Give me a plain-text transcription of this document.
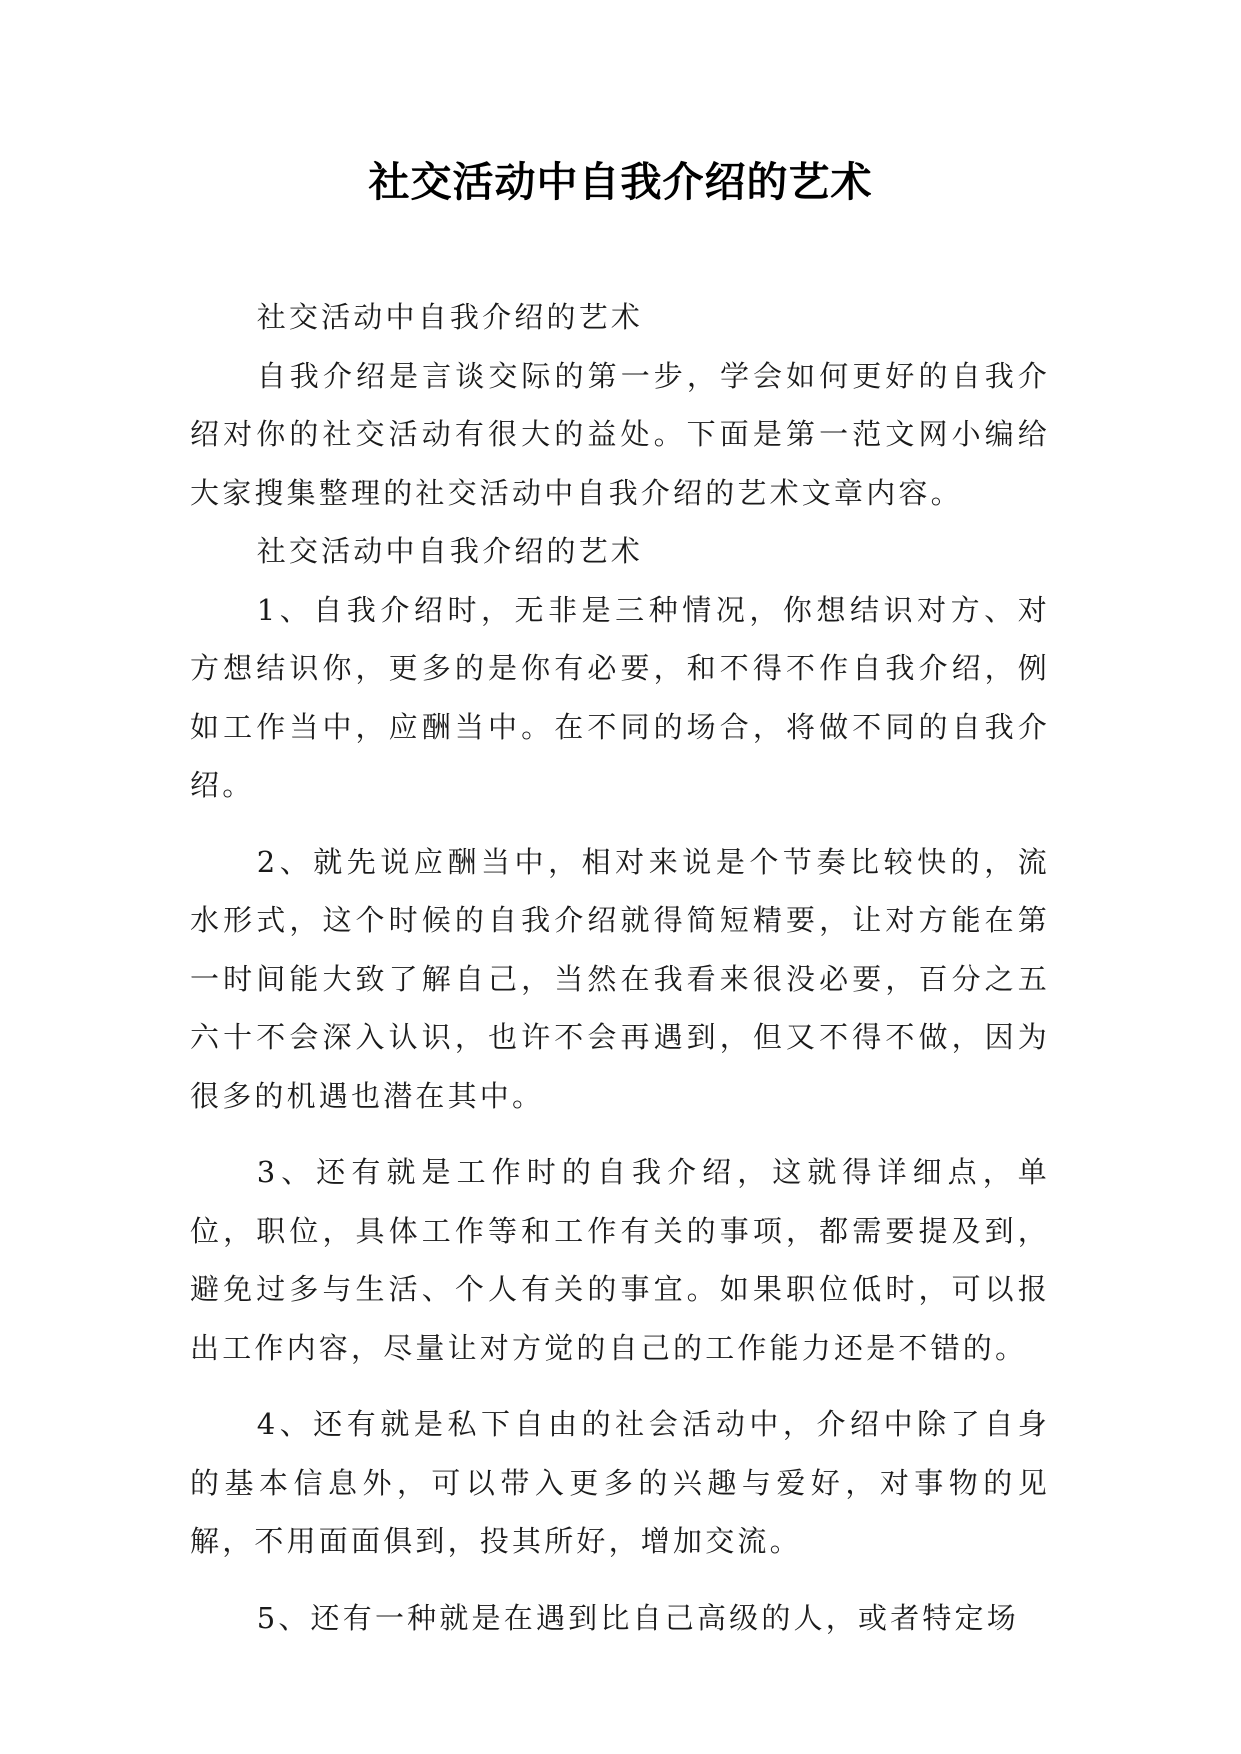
社交活动中自我介绍的艺术

社交活动中自我介绍的艺术

自我介绍是言谈交际的第一步，学会如何更好的自我介绍对你的社交活动有很大的益处。下面是第一范文网小编给大家搜集整理的社交活动中自我介绍的艺术文章内容。

社交活动中自我介绍的艺术

1、自我介绍时，无非是三种情况，你想结识对方、对方想结识你，更多的是你有必要，和不得不作自我介绍，例如工作当中，应酬当中。在不同的场合，将做不同的自我介绍。

2、就先说应酬当中，相对来说是个节奏比较快的，流水形式，这个时候的自我介绍就得简短精要，让对方能在第一时间能大致了解自己，当然在我看来很没必要，百分之五六十不会深入认识，也许不会再遇到，但又不得不做，因为很多的机遇也潜在其中。

3、还有就是工作时的自我介绍，这就得详细点，单位，职位，具体工作等和工作有关的事项，都需要提及到，避免过多与生活、个人有关的事宜。如果职位低时，可以报出工作内容，尽量让对方觉的自己的工作能力还是不错的。

4、还有就是私下自由的社会活动中，介绍中除了自身的基本信息外，可以带入更多的兴趣与爱好，对事物的见解，不用面面俱到，投其所好，增加交流。

5、还有一种就是在遇到比自己高级的人，或者特定场
